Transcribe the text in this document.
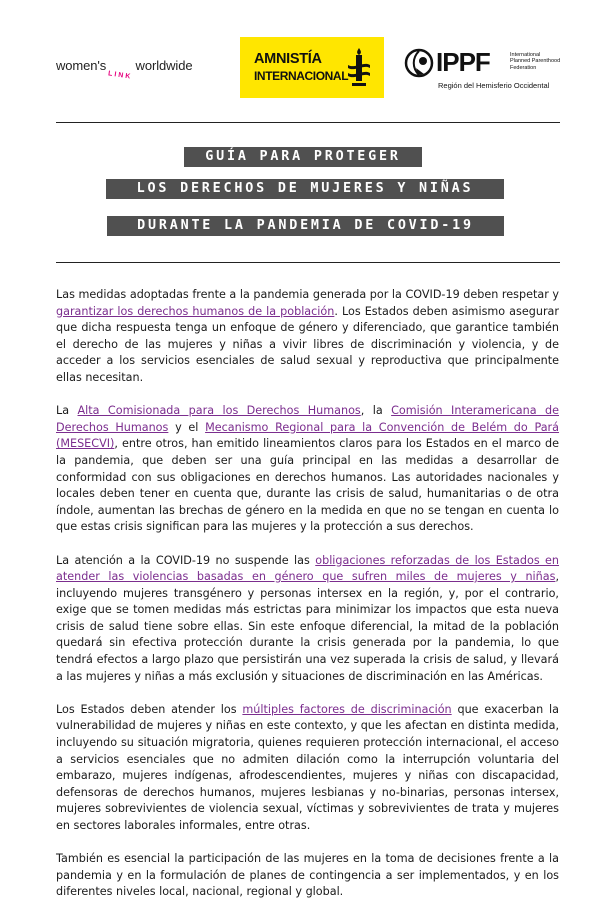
women'sLINKworldwide	AMNISTÍA
INTERNACIONAL	IPPF	International
Planned Parenthood
Federation
Región del Hemisferio Occidental
GUÍA PARA PROTEGER
LOS DERECHOS DE MUJERES Y NIÑAS
DURANTE LA PANDEMIA DE COVID-19

Las medidas adoptadas frente a la pandemia generada por la COVID-19 deben respetar y garantizar los derechos humanos de la población. Los Estados deben asimismo asegurar que dicha respuesta tenga un enfoque de género y diferenciado, que garantice también el derecho de las mujeres y niñas a vivir libres de discriminación y violencia, y de acceder a los servicios esenciales de salud sexual y reproductiva que principalmente ellas necesitan.

La Alta Comisionada para los Derechos Humanos, la Comisión Interamericana de Derechos Humanos y el Mecanismo Regional para la Convención de Belém do Pará (MESECVI), entre otros, han emitido lineamientos claros para los Estados en el marco de la pandemia, que deben ser una guía principal en las medidas a desarrollar de conformidad con sus obligaciones en derechos humanos. Las autoridades nacionales y locales deben tener en cuenta que, durante las crisis de salud, humanitarias o de otra índole, aumentan las brechas de género en la medida en que no se tengan en cuenta lo que estas crisis significan para las mujeres y la protección a sus derechos.

La atención a la COVID-19 no suspende las obligaciones reforzadas de los Estados en atender las violencias basadas en género que sufren miles de mujeres y niñas, incluyendo mujeres transgénero y personas intersex en la región, y, por el contrario, exige que se tomen medidas más estrictas para minimizar los impactos que esta nueva crisis de salud tiene sobre ellas. Sin este enfoque diferencial, la mitad de la población quedará sin efectiva protección durante la crisis generada por la pandemia, lo que tendrá efectos a largo plazo que persistirán una vez superada la crisis de salud, y llevará a las mujeres y niñas a más exclusión y situaciones de discriminación en las Américas.

Los Estados deben atender los múltiples factores de discriminación que exacerban la vulnerabilidad de mujeres y niñas en este contexto, y que les afectan en distinta medida, incluyendo su situación migratoria, quienes requieren protección internacional, el acceso a servicios esenciales que no admiten dilación como la interrupción voluntaria del embarazo, mujeres indígenas, afrodescendientes, mujeres y niñas con discapacidad, defensoras de derechos humanos, mujeres lesbianas y no-binarias, personas intersex, mujeres sobrevivientes de violencia sexual, víctimas y sobrevivientes de trata y mujeres en sectores laborales informales, entre otras.

También es esencial la participación de las mujeres en la toma de decisiones frente a la pandemia y en la formulación de planes de contingencia a ser implementados, y en los diferentes niveles local, nacional, regional y global.
